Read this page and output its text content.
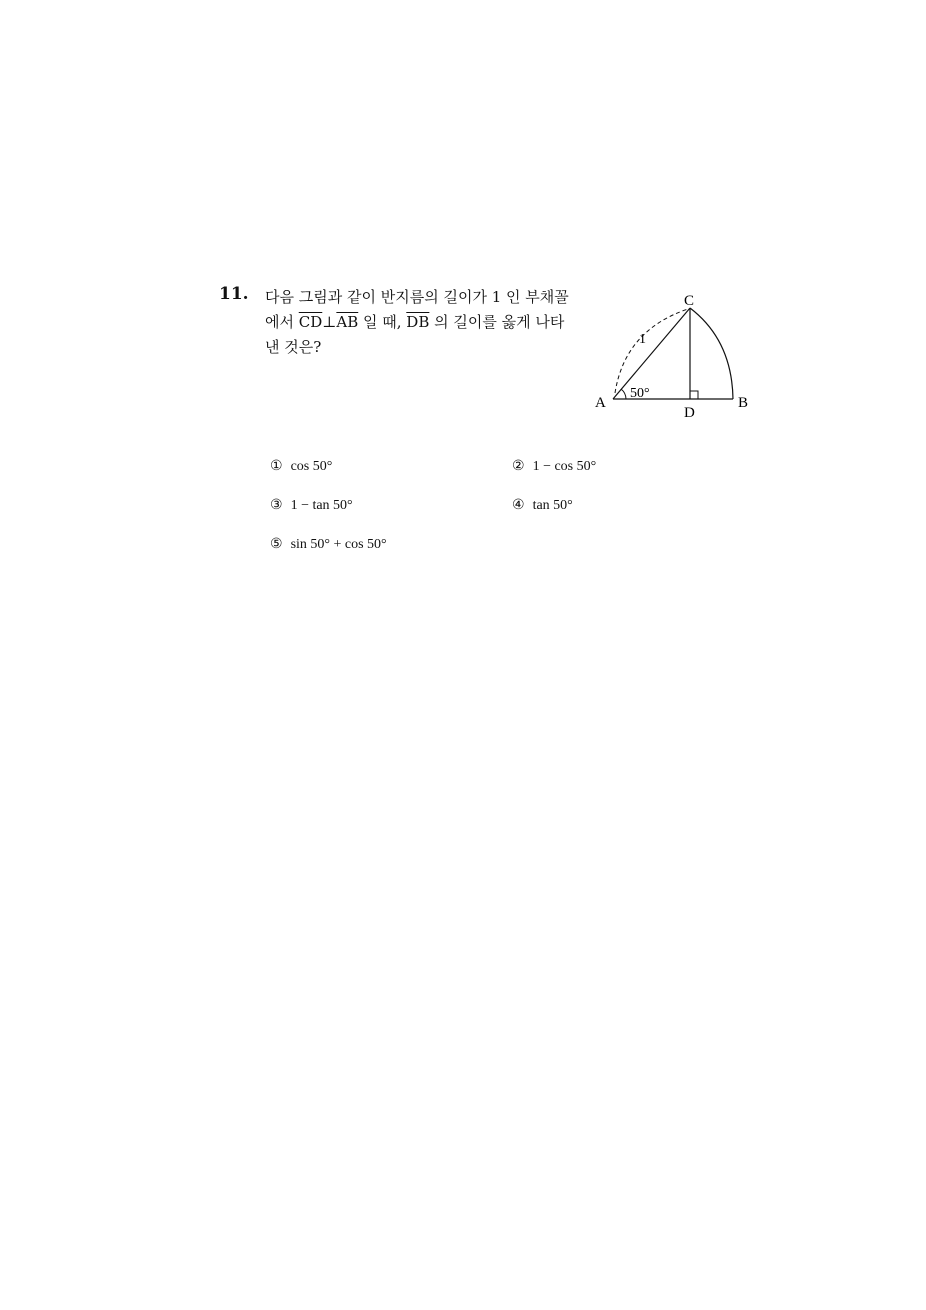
11. 다음 그림과 같이 반지름의 길이가 1 인 부채꼴
에서 $\overline{CD}\perp\overline{AB}$ 일 때, $\overline{DB}$ 의 길이를 옳게 나타
낸 것은?
C
A	B
D
1
50°
① cos 50°	② 1 − cos 50°
③ 1 − tan 50°	④ tan 50°
⑤ sin 50° + cos 50°
